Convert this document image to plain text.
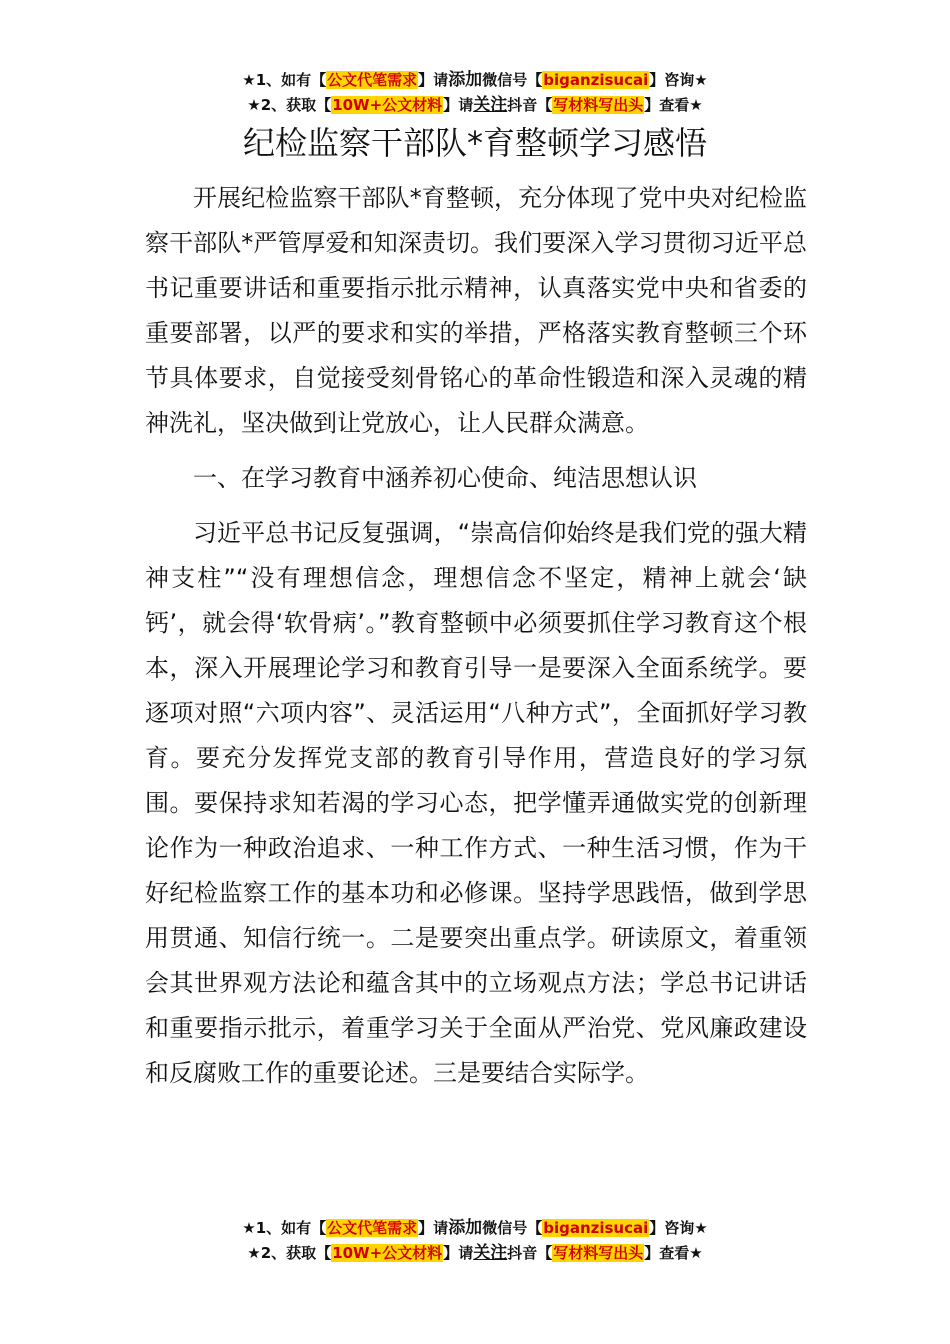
★1、如有【公文代笔需求】请添加微信号【biganzisucai】咨询★
★2、获取【10W+公文材料】请关注抖音【写材料写出头】查看★
纪检监察干部队*育整顿学习感悟

开展纪检监察干部队*育整顿，充分体现了党中央对纪检监察干部队*严管厚爱和知深责切。我们要深入学习贯彻习近平总书记重要讲话和重要指示批示精神，认真落实党中央和省委的重要部署，以严的要求和实的举措，严格落实教育整顿三个环节具体要求，自觉接受刻骨铭心的革命性锻造和深入灵魂的精神洗礼，坚决做到让党放心，让人民群众满意。

一、在学习教育中涵养初心使命、纯洁思想认识

习近平总书记反复强调，“崇高信仰始终是我们党的强大精神支柱”“没有理想信念，理想信念不坚定，精神上就会‘缺钙’，就会得‘软骨病’。”教育整顿中必须要抓住学习教育这个根本，深入开展理论学习和教育引导一是要深入全面系统学。要逐项对照“六项内容”、灵活运用“八种方式”，全面抓好学习教育。要充分发挥党支部的教育引导作用，营造良好的学习氛围。要保持求知若渴的学习心态，把学懂弄通做实党的创新理论作为一种政治追求、一种工作方式、一种生活习惯，作为干好纪检监察工作的基本功和必修课。坚持学思践悟，做到学思用贯通、知信行统一。二是要突出重点学。研读原文，着重领会其世界观方法论和蕴含其中的立场观点方法；学总书记讲话和重要指示批示，着重学习关于全面从严治党、党风廉政建设和反腐败工作的重要论述。三是要结合实际学。

★1、如有【公文代笔需求】请添加微信号【biganzisucai】咨询★
★2、获取【10W+公文材料】请关注抖音【写材料写出头】查看★
